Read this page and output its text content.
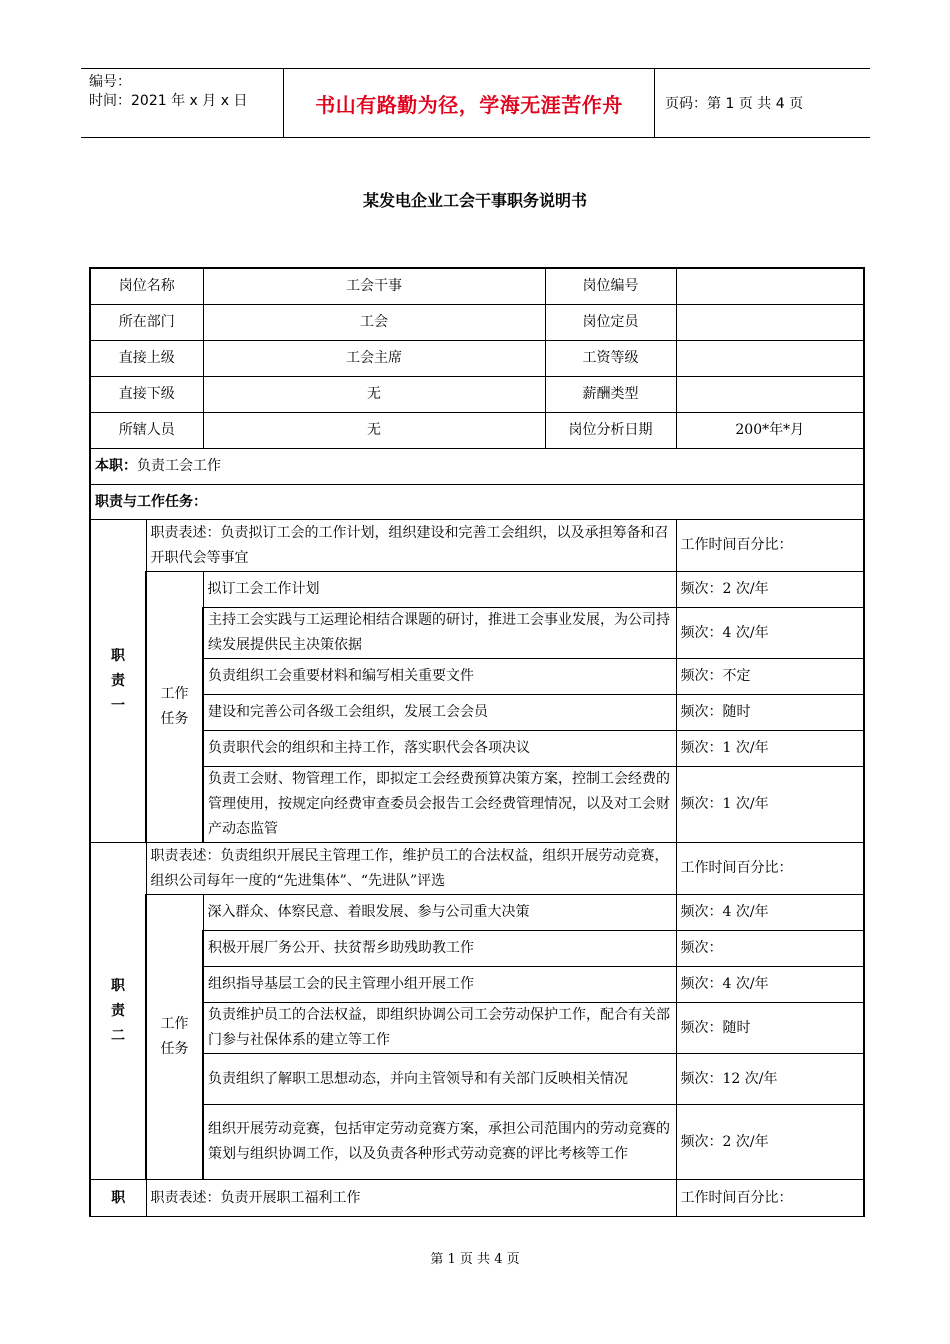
编号：
时间：2021 年 x 月 x 日	书山有路勤为径，学海无涯苦作舟	页码：第 1 页 共 4 页
某发电企业工会干事职务说明书
岗位名称		工会干事	岗位编号	
所在部门		工会	岗位定员	
直接上级		工会主席	工资等级	
直接下级		无	薪酬类型	
所辖人员		无	岗位分析日期	200*年*月
本职：负责工会工作				
职责与工作任务：				
职
责
一	职责表述：负责拟订工会的工作计划，组织建设和完善工会组织，以及承担筹备和召开职代会等事宜			工作时间百分比：
	工作
任务	拟订工会工作计划		频次：2 次/年
		主持工会实践与工运理论相结合课题的研讨，推进工会事业发展，为公司持续发展提供民主决策依据		频次：4 次/年
		负责组织工会重要材料和编写相关重要文件		频次：不定
		建设和完善公司各级工会组织，发展工会会员		频次：随时
		负责职代会的组织和主持工作，落实职代会各项决议		频次：1 次/年
		负责工会财、物管理工作，即拟定工会经费预算决策方案，控制工会经费的管理使用，按规定向经费审查委员会报告工会经费管理情况，以及对工会财产动态监管		频次：1 次/年
职
责
二	职责表述：负责组织开展民主管理工作，维护员工的合法权益，组织开展劳动竞赛，组织公司每年一度的“先进集体”、“先进队”评选			工作时间百分比：
	工作
任务	深入群众、体察民意、着眼发展、参与公司重大决策		频次：4 次/年
		积极开展厂务公开、扶贫帮乡助残助教工作		频次：
		组织指导基层工会的民主管理小组开展工作		频次：4 次/年
		负责维护员工的合法权益，即组织协调公司工会劳动保护工作，配合有关部门参与社保体系的建立等工作		频次：随时
		负责组织了解职工思想动态，并向主管领导和有关部门反映相关情况		频次：12 次/年
		组织开展劳动竞赛，包括审定劳动竞赛方案，承担公司范围内的劳动竞赛的策划与组织协调工作，以及负责各种形式劳动竞赛的评比考核等工作		频次：2 次/年
职	职责表述：负责开展职工福利工作			工作时间百分比：
第 1 页 共 4 页
